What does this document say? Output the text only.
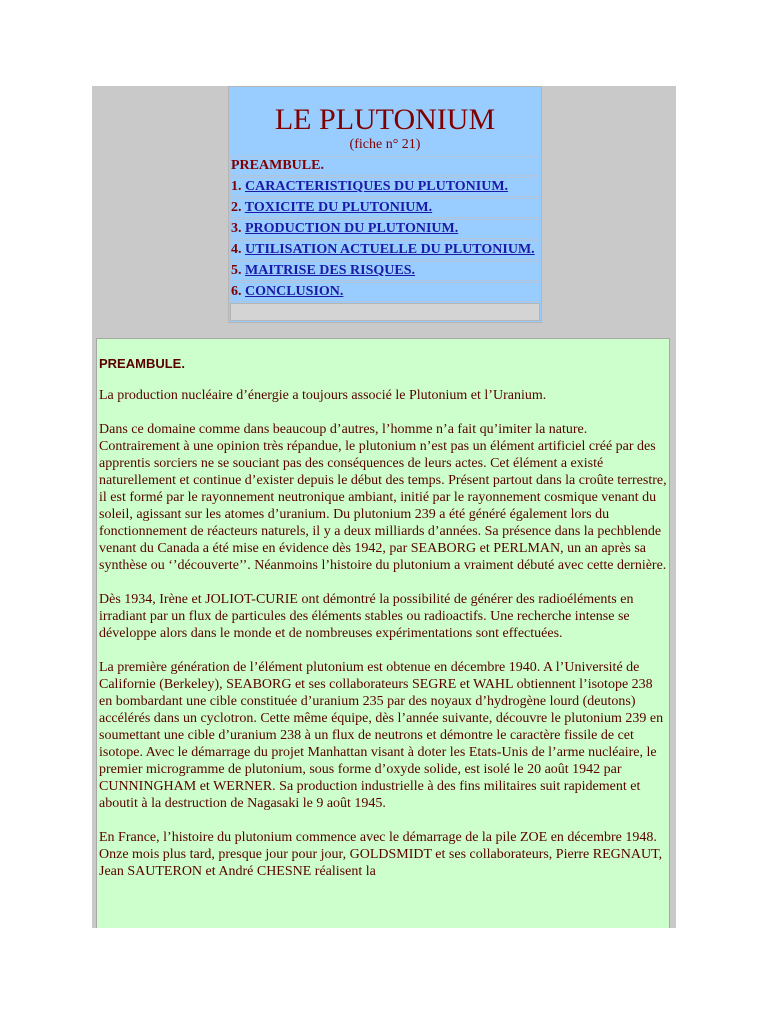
LE PLUTONIUM
(fiche n° 21)
PREAMBULE.
1. CARACTERISTIQUES DU PLUTONIUM.
2. TOXICITE DU PLUTONIUM.
3. PRODUCTION DU PLUTONIUM.
4. UTILISATION ACTUELLE DU PLUTONIUM.
5. MAITRISE DES RISQUES.
6. CONCLUSION.

PREAMBULE.

La production nucléaire d’énergie a toujours associé le Plutonium et l’Uranium.

Dans ce domaine comme dans beaucoup d’autres, l’homme n’a fait qu’imiter la nature. Contrairement à une opinion très répandue, le plutonium n’est pas un élément artificiel créé par des apprentis sorciers ne se souciant pas des conséquences de leurs actes. Cet élément a existé naturellement et continue d’exister depuis le début des temps. Présent partout dans la croûte terrestre, il est formé par le rayonnement neutronique ambiant, initié par le rayonnement cosmique venant du soleil, agissant sur les atomes d’uranium. Du plutonium 239 a été généré également lors du fonctionnement de réacteurs naturels, il y a deux milliards d’années. Sa présence dans la pechblende venant du Canada a été mise en évidence dès 1942, par SEABORG et PERLMAN, un an après sa synthèse ou ‘’découverte’’. Néanmoins l’histoire du plutonium a vraiment débuté avec cette dernière.

Dès 1934, Irène et JOLIOT-CURIE ont démontré la possibilité de générer des radioéléments en irradiant par un flux de particules des éléments stables ou radioactifs. Une recherche intense se développe alors dans le monde et de nombreuses expérimentations sont effectuées.

La première génération de l’élément plutonium est obtenue en décembre 1940. A l’Université de Californie (Berkeley), SEABORG et ses collaborateurs SEGRE et WAHL obtiennent l’isotope 238 en bombardant une cible constituée d’uranium 235 par des noyaux d’hydrogène lourd (deutons) accélérés dans un cyclotron. Cette même équipe, dès l’année suivante, découvre le plutonium 239 en soumettant une cible d’uranium 238 à un flux de neutrons et démontre le caractère fissile de cet isotope. Avec le démarrage du projet Manhattan visant à doter les Etats-Unis de l’arme nucléaire, le premier microgramme de plutonium, sous forme d’oxyde solide, est isolé le 20 août 1942 par CUNNINGHAM et WERNER. Sa production industrielle à des fins militaires suit rapidement et aboutit à la destruction de Nagasaki le 9 août 1945.

En France, l’histoire du plutonium commence avec le démarrage de la pile ZOE en décembre 1948. Onze mois plus tard, presque jour pour jour, GOLDSMIDT et ses collaborateurs, Pierre REGNAUT, Jean SAUTERON et André CHESNE réalisent la
